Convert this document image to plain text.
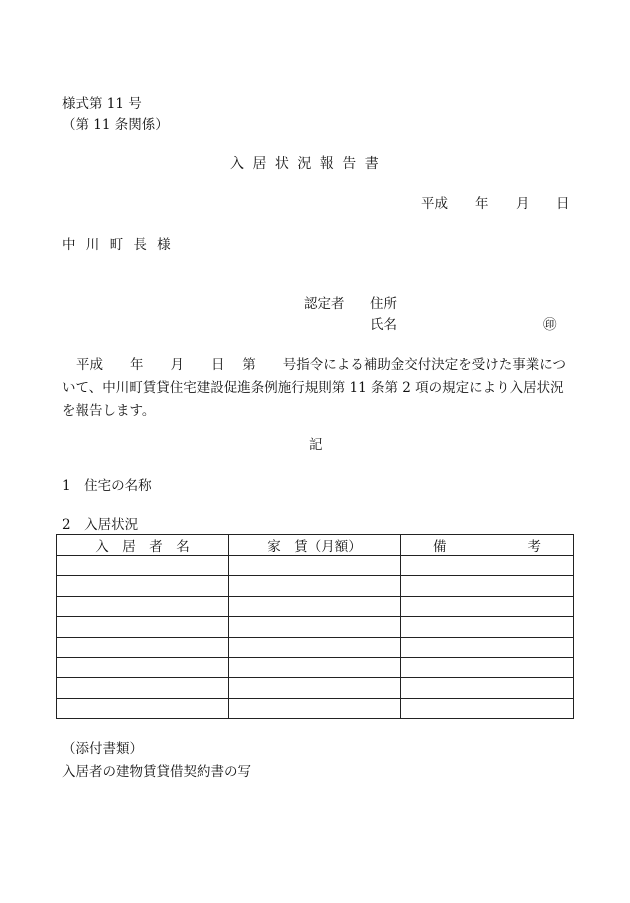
様式第 11 号
（第 11 条関係）
入 居 状 況 報 告 書
平成 年 月 日
中 川 町 長 様
認定者 住所
氏名	㊞
平成　　年　　月　　日　 第　　号指令による補助金交付決定を受けた事業について、中川町賃貸住宅建設促進条例施行規則第 11 条第 2 項の規定により入居状況を報告します。
記
1　住宅の名称
2　入居状況
入　居　者　名	家　賃（月額）	備　　　　　　考

（添付書類）
入居者の建物賃貸借契約書の写
